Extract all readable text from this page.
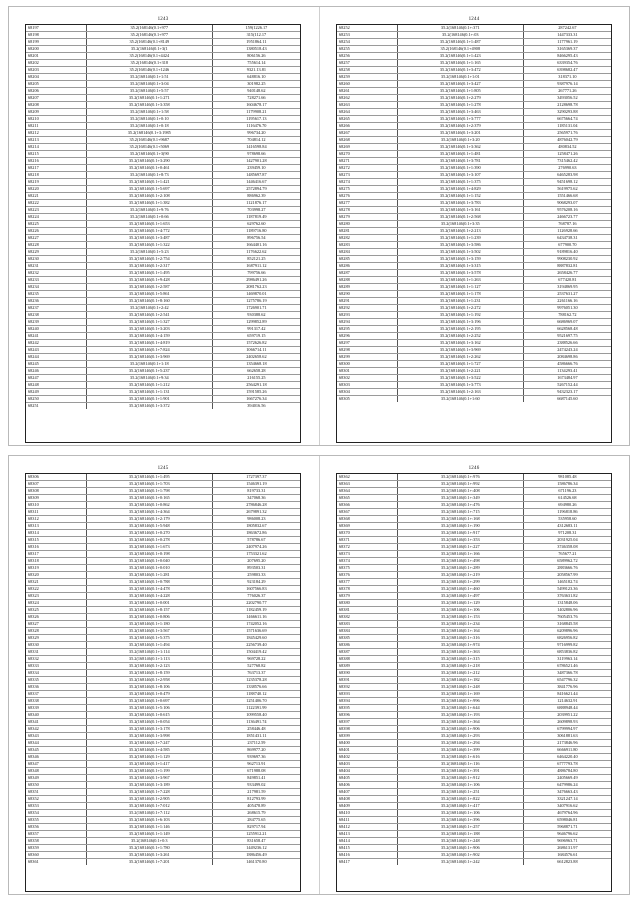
1243
68197	35.2(168146(0.1+977	159(1226.17
68198	35.2(168146(0.1+977	315(112.17
68199	35.2(168146(0.1+8149	1951864.11
68200	35.2(168146(0.1+3(1	1380518.43
68201	35.2(168146(0.1+4424	806156.26
68202	35.2(168146(0.1+318	755614.14
68203	35.2(168146(0.1+1246	9321.13.81
68204	35.2(168146(0.1+1:51	648816.10
68205	35.2(168146(0.1+3:04	301982.25
68206	35.2(168146(0.1+5:57	940148.62
68207	35.2(168146(0.1+1:271	728271.66
68208	35.2(168146(0.1+3:358	1604678.17
68209	35.2(168146(0.1+1:58	1179908.21
68210	35.2(168146(0.1+0:10	1195617.13
68211	35.2(168146(0.1+0:18	1116476.70
68212	35.2(168146(0.1+3:1985	996734.20
68213	35.2(168146(0.1+9687	704814.12
68214	35.2(168146(0.1+5069	1416598.84
68215	35.2(168146(0.1+3(90	978698.66
68216	35.2(168146(0.1+3:290	1427901.28
68217	35.2(168146(0.1+0:461	239459.10
68218	35.2(168146(0.1+8:73	1485697.87
68219	35.2(168146(0.1+1:421	1446416.67
68220	35.2(168146(0.1+5:697	2572894.79
68221	35.2(168146(0.1+2:108	886962.39
68222	35.2(168146(0.1+1:382	1121876.17
68223	35.2(168146(0.1+9:76	703998.27
68224	35.2(168146(0.1+0:66	1187819.49
68225	35.2(168146(0.1+1:653	629762.60
68226	35.2(168146(0.1+4:772	1189716.80
68227	35.2(168146(0.1+3:487	896756.54
68228	35.2(168146(0.1+1:322	1664401.16
68229	35.2(168146(0.1+5:23	1176622.62
68230	35.2(168146(0.1+2:754	852121.25
68231	35.2(168146(0.1+2:317	1687911.12
68232	35.2(168146(0.1+1:495	799756.66
68233	35.2(168146(0.1+9:428	2986491.26
68234	35.2(168146(0.1+2:587	2081762.23
68235	35.2(168146(0.1+5:861	1469870.01
68236	35.2(168146(0.1+8:160	1275786.19
68237	35.2(168146(0.1+2:42	1726901.71
68238	35.2(168146(0.1+2:541	930388.62
68239	35.2(168146(0.1+1:327	1299852.89
68240	35.2(168146(0.1+3:203	991317.42
68241	35.2(168146(0.1+4:159	659719.15
68242	35.2(168146(0.1+4:819	1572626.82
68243	35.2(168146(0.1+7:824	1066714.11
68244	35.2(168146(0.1+3:969	2402658.62
68245	35.2(168146(0.1+1:18	1354668.18
68246	35.2(168146(0.1+5:237	662658.28
68247	35.2(168146(0.1+9:34	216155.25
68248	35.2(168146(0.1+1:212	2564291.18
68249	35.2(168146(0.1+1:131	1591585.26
68250	35.2(168146(0.1+1:901	1667276.34
68251	35.2(168146(0.1+3:372	394016.56
1244
68252	35.2(168146(0.1+:371	287242.67
68253	35.2(168146(0.1+:03	1447333.31
68254	35.2(168146(0.1+1:487	1177961.19
68255	35.2(168146(0.1+4908	3165369.37
68256	35.2(168146(0.1+1:423	8466295.43
68257	35.2(168146(0.1+1:165	6339354.76
68258	35.2(168146(0.1+3:472	6398682.47
68259	35.2(168146(0.1+1:01	318371.10
68260	35.2(168146(0.1+3:427	9387976.14
68261	35.2(168146(0.1+1:805	267771.26
68262	35.2(168146(0.1+2:279	3493056.52
68263	35.2(168146(0.1+1:278	2128698.78
68264	35.2(168146(0.1+3:463	3290293.88
68265	35.2(168146(0.1+3:777	6675664.74
68266	35.2(168146(0.1+2:379	1185131.04
68267	35.2(168146(0.1+3:201	2565971.76
68268	35.2(168146(0.1+3:20	4876042.79
68269	35.2(168146(0.1+3:362	480834.52
68270	35.2(168146(0.1+1:481	1258471.26
68271	35.2(168146(0.1+3:781	7315462.42
68272	35.2(168146(0.1+1:390	276990.63
68273	35.2(168146(0.1+3:107	6465283.98
68274	35.2(168146(0.1+1:375	9451698.12
68275	35.2(168146(0.1+4:829	5619975.62
68276	35.2(168146(0.1+1:152	1551466.68
68277	35.2(168146(0.1+3:783	9068293.07
68278	35.2(168146(0.1+3:161	9576208.16
68279	35.2(168146(0.1+2:568	2466723.77
68280	35.2(168146(0.1+3:35	768787.16
68281	35.2(168146(0.1+2:213	1126928.66
68282	35.2(168146(0.1+1:239	6434738.31
68283	35.2(168146(0.1+3:586	677900.70
68284	35.2(168146(0.1+3:502	9189816.40
68285	35.2(168146(0.1+3:159	9908230.92
68286	35.2(168146(0.1+3:315	8887832.81
68287	35.2(168146(0.1+3:578	2658426.77
68288	35.2(168146(0.1+1:263	677420.81
68289	35.2(168146(0.1+1:127	3194869.95
68290	35.2(168146(0.1+1:178	2537631.27
68291	35.2(168146(0.1+1:231	2261166.16
68292	35.2(168146(0.1+2:272	9976051.30
68293	35.2(168146(0.1+1:192	788162.72
68294	35.2(168146(0.1+3:196	6686969.07
68295	35.2(168146(0.1+2:195	6628568.48
68296	35.2(168146(0.1+2:252	9521697.75
68297	35.2(168146(0.1+3:162	2388526.66
68298	35.2(168146(0.1+3:969	2474243.24
68299	35.2(168146(0.1+2:262	2084698.86
68300	35.2(168146(0.1+1:727	4586666.76
68301	35.2(168146(0.1+2:221	1134293.41
68302	35.2(168146(0.1+3:522	1673484.97
68303	35.2(168146(0.1+3:773	5267152.44
68304	35.2(168146(0.1+2:163	9432323.17
68305	35.2(168146(0.1+1:60	6687145.60
1245
68306	35.2(168146(0.1+1:495	1727397.37
68307	35.2(168146(0.1+1:703	1546391.19
68308	35.2(168146(0.1+1:798	819733.31
68309	35.2(168146(0.1+0:165	347068.36
68310	35.2(168146(0.1+0:862	2786846.28
68311	35.2(168146(0.1+4:364	2679891.32
68312	35.2(168146(0.1+2:179	986008.23
68313	35.2(168146(0.1+5:948	1805832.67
68314	35.2(168146(0.1+0:270	1863672.86
68315	35.2(168146(0.1+0:278	578786.67
68316	35.2(168146(0.1+1:673	2407974.26
68317	35.2(168146(0.1+0:198	1753321.62
68318	35.2(168146(0.1+0:040	207695.20
68319	35.2(168146(0.1+0:010	893503.31
68320	35.2(168146(0.1+1:281	259803.33
68321	35.2(168146(0.1+0:788	923184.29
68322	35.2(168146(0.1+4:478	1607566.83
68323	35.2(168146(0.1+4:228	776026.37
68324	35.2(168146(0.1+0:001	2202790.77
68325	35.2(168146(0.1+8:157	1182459.19
68326	35.2(168146(0.1+0:806	1466611.16
68327	35.2(168146(0.1+1:180	1742052.16
68328	35.2(168146(0.1+3:567	1571636.69
68329	35.2(168146(0.1+5:375	1845429.60
68330	35.2(168146(0.1+1:494	2256739.40
68331	35.2(168146(0.1+1:114	1504419.42
68332	35.2(168146(0.1+1:113	969728.22
68333	35.2(168146(0.1+2:123	527768.82
68334	35.2(168146(0.1+8:159	763713.37
68335	35.2(168146(0.1+2:958	1235378.28
68336	35.2(168146(0.1+8:106	1338576.66
68337	35.2(168146(0.1+0:479	1188740.12
68338	35.2(168146(0.1+0:697	1251406.70
68339	35.2(168146(0.1+5:106	1122391.99
68340	35.2(168146(0.1+0:615	1099558.40
68341	35.2(168146(0.1+0:054	1136491.74
68342	35.2(168146(0.1+3:178	258446.48
68343	35.2(168146(0.1+3:998	1851431.11
68344	35.2(168146(0.1+7:247	237112.59
68345	35.2(168146(0.1+4:585	869977.20
68346	35.2(168146(0.1+1:129	939697.36
68347	35.2(168146(0.1+1:417	962713.91
68348	35.2(168146(0.1+1:199	671988.08
68349	35.2(168146(0.1+3:967	849851.41
68350	35.2(168146(0.1+3:189	933499.02
68351	35.2(168146(0.1+7:228	217981.59
68352	35.2(168146(0.1+2:905	812793.99
68353	35.2(168146(0.1+7:012	405478.89
68354	35.2(168146(0.1+7:112	268615.79
68355	35.2(168146(0.1+6:103	284775.65
68356	35.2(168146(0.1+1:146	829717.94
68357	35.2(168146(0.1+1:149	1255912.21
68358	35.2(168146(0.1+0:3	831658.47
68359	35.2(168146(0.1+1:780	1449236.12
68360	35.2(168146(0.1+3:261	1886456.49
68361	35.2(168146(0.1+7:201	1461370.80
1246
68362	35.2(168146(0.1+:976	981085.48
68363	35.2(168146(0.1+:992	1586786.34
68364	35.2(168146(0.1+:408	671196.23
68365	35.2(168146(0.1+:349	614526.68
68366	35.2(168146(0.1+:476	694980.26
68367	35.2(168146(0.1+:715	1196818.86
68368	35.2(168146(0.1+:168	535958.60
68369	35.2(168146(0.1+:190	4312683.11
68370	35.2(168146(0.1+:917	971208.31
68371	35.2(168146(0.1+:353	2031925.04
68372	35.2(168146(0.1+:227	3746358.08
68373	35.2(168146(0.1+:166	765677.21
68374	35.2(168146(0.1+:498	6589962.72
68375	35.2(168146(0.1+:289	2883666.76
68376	35.2(168146(0.1+:219	2058567.99
68377	35.2(168146(0.1+:299	1465182.74
68378	35.2(168146(0.1+:460	5499123.36
68379	35.2(168146(0.1+:497	3763631.82
68380	35.2(168146(0.1+:129	1315848.06
68381	35.2(168146(0.1+:106	1402806.96
68382	35.2(168146(0.1+:153	7605453.76
68383	35.2(168146(0.1+:234	3168845.58
68384	35.2(168146(0.1+:164	6209896.96
68385	35.2(168146(0.1+:316	6826956.82
68386	35.2(168146(0.1+:974	9716999.82
68387	35.2(168146(0.1+:363	6853836.82
68388	35.2(168146(0.1+:315	3119963.14
68389	35.2(168146(0.1+:218	6786521.46
68390	35.2(168146(0.1+:212	3487366.78
68391	35.2(168146(0.1+:182	6547796.32
68392	35.2(168146(0.1+:248	3841776.96
68393	35.2(168146(0.1+:169	8416621.44
68394	35.2(168146(0.1+:996	1214632.91
68395	35.2(168146(0.1+:644	6888948.44
68396	35.2(168146(0.1+:193	2039951.22
68397	35.2(168146(0.1+:364	2609898.93
68398	35.2(168146(0.1+:906	6799994.97
68399	35.2(168146(0.1+:293	3061881.63
68400	35.2(168146(0.1+:294	2173846.96
68401	35.2(168146(0.1+:399	6666911.80
68402	35.2(168146(0.1+:616	6464220.40
68403	35.2(168146(0.1+:116	6777793.78
68404	35.2(168146(0.1+:391	4886784.80
68405	35.2(168146(0.1+:912	2405669.49
68406	35.2(168146(0.1+:106	6479986.24
68407	35.2(168146(0.1+:251	3476663.43
68408	35.2(168146(0.1+:822	3321247.14
68409	35.2(168146(0.1+:417	3407916.62
68410	35.2(168146(0.1+:106	4679764.96
68411	35.2(168146(0.1+:396	6598046.81
68412	35.2(168146(0.1+:257	5968871.71
68413	35.2(168146(0.1+:188	9646796.62
68414	35.2(168146(0.1+:248	9696963.71
68415	35.2(168146(0.1+:906	2686131.97
68416	35.2(168146(0.1+:902	1684576.61
68417	35.2(168146(0.1+:242	6612823.88
